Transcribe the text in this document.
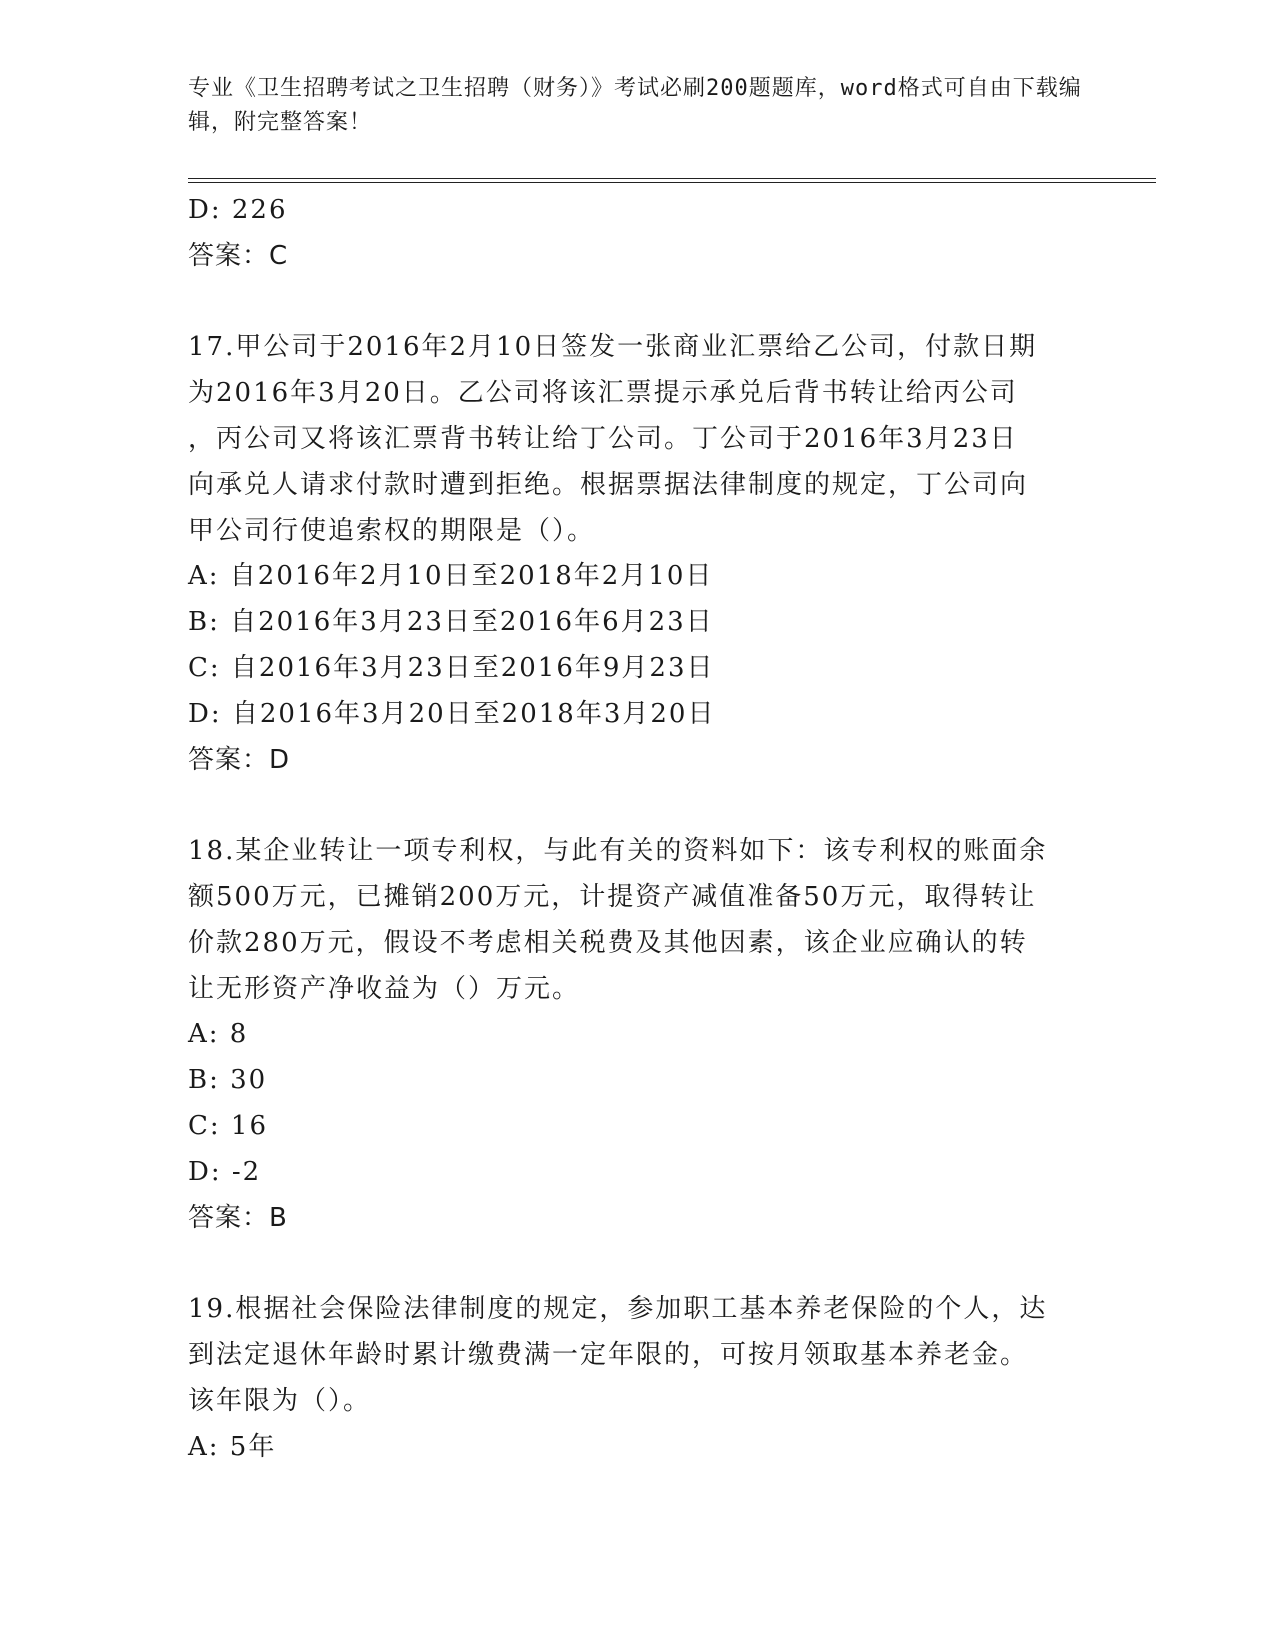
专业《卫生招聘考试之卫生招聘（财务）》考试必刷200题题库，word格式可自由下载编辑，附完整答案！
D: 226
答案：C
17.甲公司于2016年2月10日签发一张商业汇票给乙公司，付款日期
为2016年3月20日。乙公司将该汇票提示承兑后背书转让给丙公司
，丙公司又将该汇票背书转让给丁公司。丁公司于2016年3月23日
向承兑人请求付款时遭到拒绝。根据票据法律制度的规定，丁公司向
甲公司行使追索权的期限是（）。
A: 自2016年2月10日至2018年2月10日
B: 自2016年3月23日至2016年6月23日
C: 自2016年3月23日至2016年9月23日
D: 自2016年3月20日至2018年3月20日
答案：D
18.某企业转让一项专利权，与此有关的资料如下：该专利权的账面余
额500万元，已摊销200万元，计提资产减值准备50万元，取得转让
价款280万元，假设不考虑相关税费及其他因素，该企业应确认的转
让无形资产净收益为（）万元。
A: 8
B: 30
C: 16
D: -2
答案：B
19.根据社会保险法律制度的规定，参加职工基本养老保险的个人，达
到法定退休年龄时累计缴费满一定年限的，可按月领取基本养老金。
该年限为（）。
A: 5年
